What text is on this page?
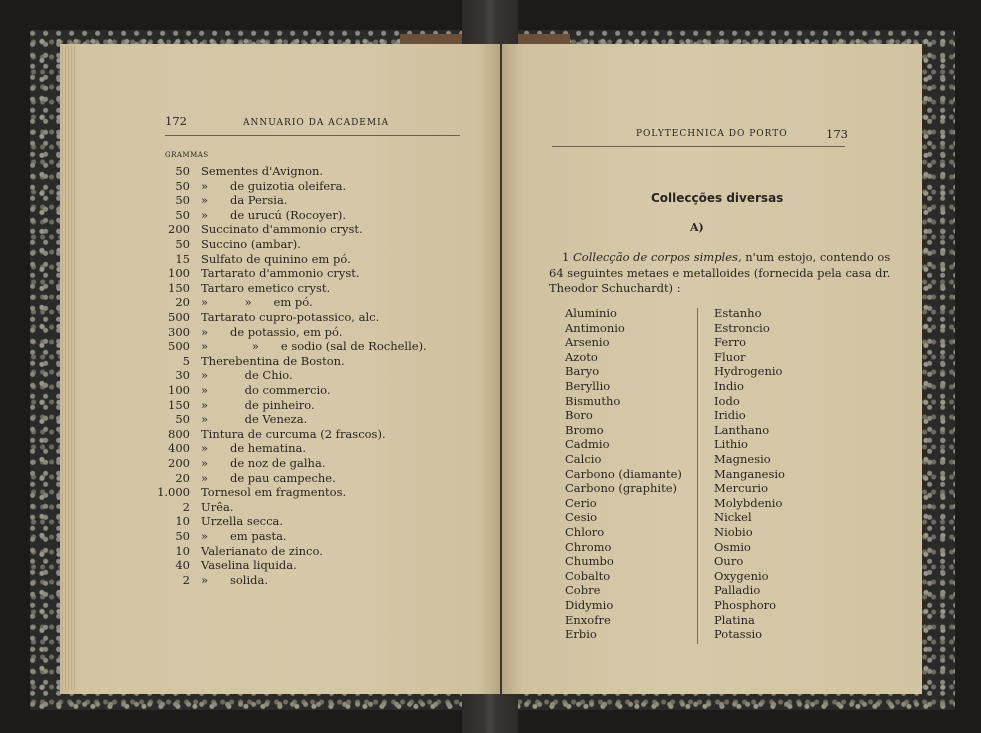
172	ANNUARIO DA ACADEMIA
GRAMMAS
50 Sementes d'Avignon.
50 »      de guizotia oleifera.
50 »      da Persia.
50 »      de urucú (Rocoyer).
200 Succinato d'ammonio cryst.
50 Succino (ambar).
15 Sulfato de quinino em pó.
100 Tartarato d'ammonio cryst.
150 Tartaro emetico cryst.
20 »          »      em pó.
500 Tartarato cupro-potassico, alc.
300 »      de potassio, em pó.
500 »            »      e sodio (sal de Rochelle).
5 Therebentina de Boston.
30 »          de Chio.
100 »          do commercio.
150 »          de pinheiro.
50 »          de Veneza.
800 Tintura de curcuma (2 frascos).
400 »      de hematina.
200 »      de noz de galha.
20 »      de pau campeche.
1.000 Tornesol em fragmentos.
2 Urêa.
10 Urzella secca.
50 »      em pasta.
10 Valerianato de zinco.
40 Vaselina liquida.
2 »      solida.
POLYTECHNICA DO PORTO	173
Collecções diversas
A)
1 Collecção de corpos simples, n'um estojo, contendo os
64 seguintes metaes e metalloides (fornecida pela casa dr.
Theodor Schuchardt) :
Aluminio
Antimonio
Arsenio
Azoto
Baryo
Beryllio
Bismutho
Boro
Bromo
Cadmio
Calcio
Carbono (diamante)
Carbono (graphite)
Cerio
Cesio
Chloro
Chromo
Chumbo
Cobalto
Cobre
Didymio
Enxofre
Erbio
Estanho
Estroncio
Ferro
Fluor
Hydrogenio
Indio
Iodo
Iridio
Lanthano
Lithio
Magnesio
Manganesio
Mercurio
Molybdenio
Nickel
Niobio
Osmio
Ouro
Oxygenio
Palladio
Phosphoro
Platina
Potassio
